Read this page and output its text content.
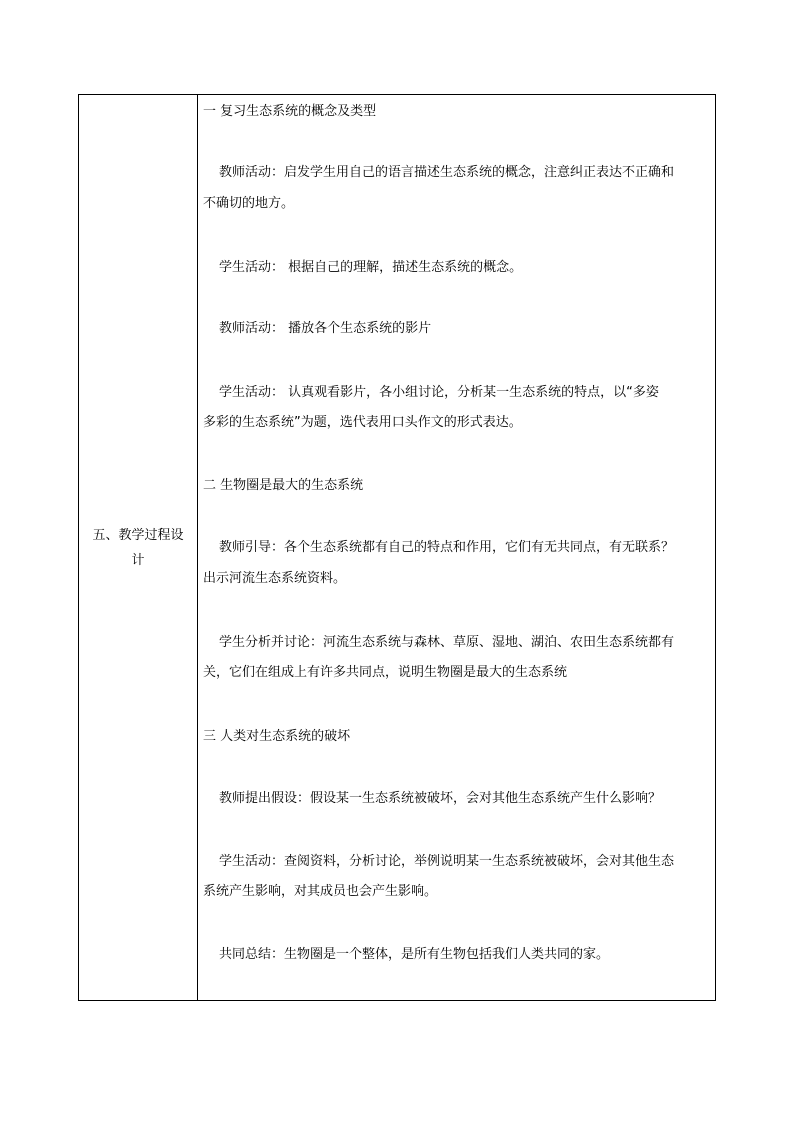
五、教学过程设计
一 复习生态系统的概念及类型
教师活动：启发学生用自己的语言描述生态系统的概念，注意纠正表达不正确和
不确切的地方。
学生活动： 根据自己的理解，描述生态系统的概念。
教师活动： 播放各个生态系统的影片
学生活动： 认真观看影片，各小组讨论，分析某一生态系统的特点，以“多姿
多彩的生态系统”为题，选代表用口头作文的形式表达。
二 生物圈是最大的生态系统
教师引导：各个生态系统都有自己的特点和作用，它们有无共同点，有无联系？
出示河流生态系统资料。
学生分析并讨论：河流生态系统与森林、草原、湿地、湖泊、农田生态系统都有
关，它们在组成上有许多共同点，说明生物圈是最大的生态系统
三 人类对生态系统的破坏
教师提出假设：假设某一生态系统被破坏，会对其他生态系统产生什么影响？
学生活动：查阅资料，分析讨论，举例说明某一生态系统被破坏，会对其他生态
系统产生影响，对其成员也会产生影响。
共同总结：生物圈是一个整体，是所有生物包括我们人类共同的家。
